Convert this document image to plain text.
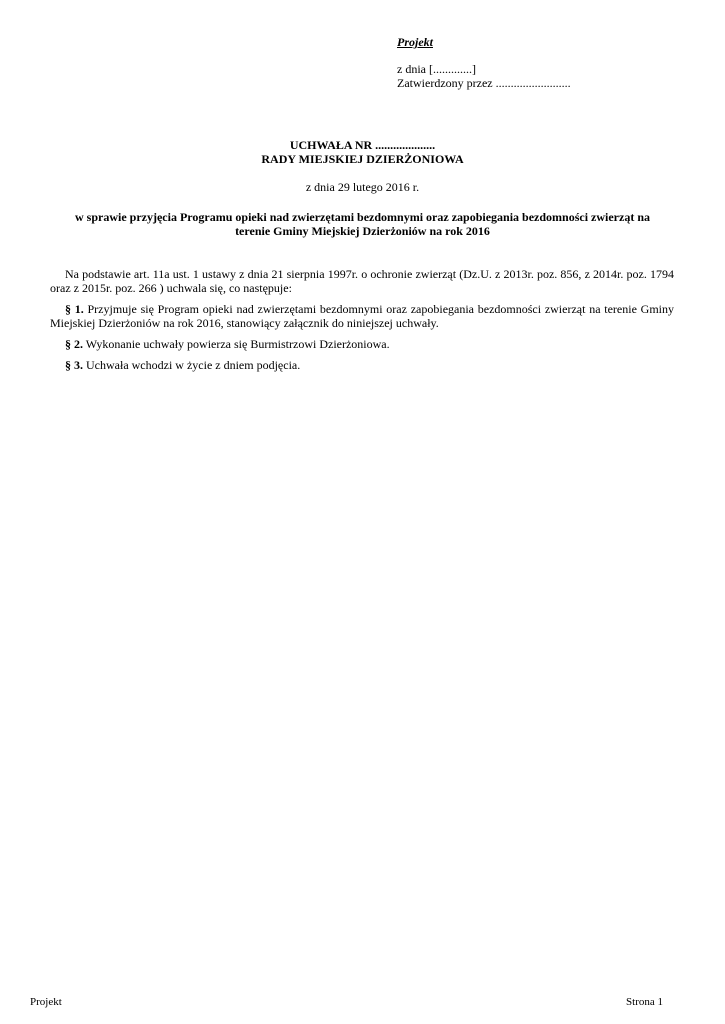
Projekt
z dnia [.............]
Zatwierdzony przez .........................
UCHWAŁA NR ....................
RADY MIEJSKIEJ DZIERŻONIOWA
z dnia 29 lutego 2016 r.
w sprawie przyjęcia Programu opieki nad zwierzętami bezdomnymi oraz zapobiegania bezdomności zwierząt na
terenie Gminy Miejskiej Dzierżoniów na rok 2016

Na podstawie art. 11a ust. 1 ustawy z dnia 21 sierpnia 1997r. o ochronie zwierząt (Dz.U. z 2013r. poz. 856, z 2014r. poz. 1794 oraz z 2015r. poz. 266 ) uchwala się, co następuje:

§ 1. Przyjmuje się Program opieki nad zwierzętami bezdomnymi oraz zapobiegania bezdomności zwierząt na terenie Gminy Miejskiej Dzierżoniów na rok 2016, stanowiący załącznik do niniejszej uchwały.

§ 2. Wykonanie uchwały powierza się Burmistrzowi Dzierżoniowa.

§ 3. Uchwała wchodzi w życie z dniem podjęcia.

Projekt	Strona 1
